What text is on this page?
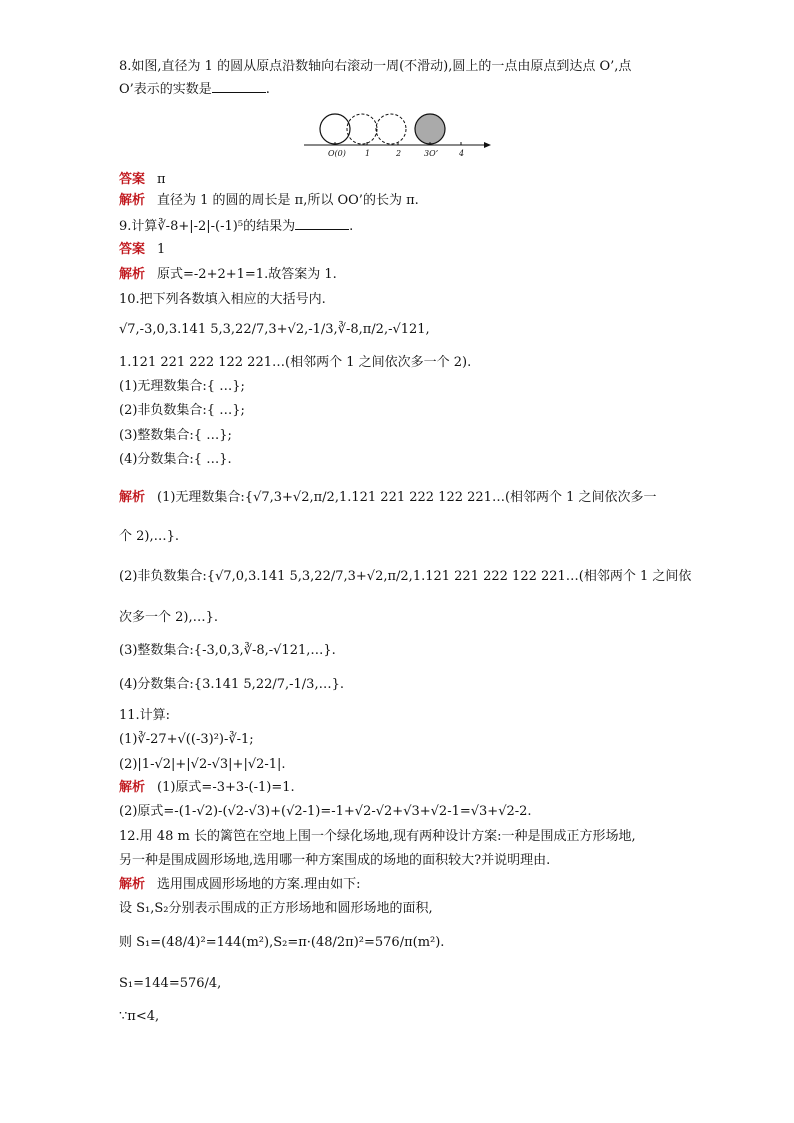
8.如图,直径为 1 的圆从原点沿数轴向右滚动一周(不滑动),圆上的一点由原点到达点 O’,点
O’表示的实数是	.
O(0) 1	2	3O’	4
答案 π
解析 直径为 1 的圆的周长是 π,所以 OO’的长为 π.
9.计算∛-8+|-2|-(-1)⁵的结果为	.
答案 1
解析 原式=-2+2+1=1.故答案为 1.
10.把下列各数填入相应的大括号内.
√7,-3,0,3.141 5,3,22/7,3+√2,-1/3,∛-8,π/2,-√121,
1.121 221 222 122 221…(相邻两个 1 之间依次多一个 2).
(1)无理数集合:{ …};
(2)非负数集合:{ …};
(3)整数集合:{ …};
(4)分数集合:{ …}.
解析 (1)无理数集合:{√7,3+√2,π/2,1.121 221 222 122 221…(相邻两个 1 之间依次多一
个 2),…}.
(2)非负数集合:{√7,0,3.141 5,3,22/7,3+√2,π/2,1.121 221 222 122 221…(相邻两个 1 之间依
次多一个 2),…}.
(3)整数集合:{-3,0,3,∛-8,-√121,…}.
(4)分数集合:{3.141 5,22/7,-1/3,…}.
11.计算:
(1)∛-27+√((-3)²)-∛-1;
(2)|1-√2|+|√2-√3|+|√2-1|.
解析 (1)原式=-3+3-(-1)=1.
(2)原式=-(1-√2)-(√2-√3)+(√2-1)=-1+√2-√2+√3+√2-1=√3+√2-2.
12.用 48 m 长的篱笆在空地上围一个绿化场地,现有两种设计方案:一种是围成正方形场地,
另一种是围成圆形场地,选用哪一种方案围成的场地的面积较大?并说明理由.
解析 选用围成圆形场地的方案.理由如下:
设 S₁,S₂分别表示围成的正方形场地和圆形场地的面积,
则 S₁=(48/4)²=144(m²),S₂=π·(48/2π)²=576/π(m²).
S₁=144=576/4,
∵π<4,
